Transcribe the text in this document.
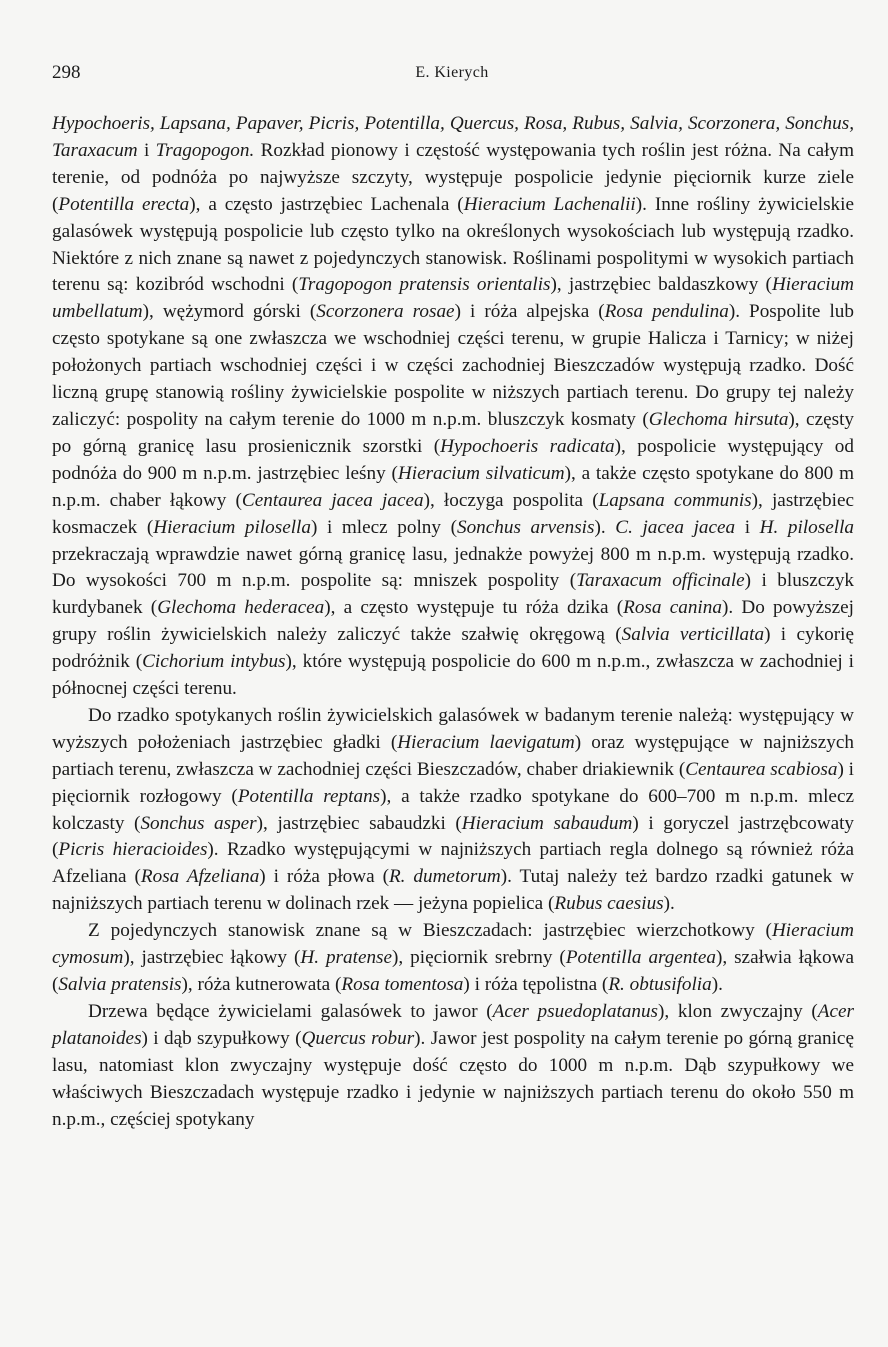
298	E. Kierych

Hypochoeris, Lapsana, Papaver, Picris, Potentilla, Quercus, Rosa, Rubus, Salvia, Scorzonera, Sonchus, Taraxacum i Tragopogon. Rozkład pionowy i częstość występowania tych roślin jest różna. Na całym terenie, od podnóża po najwyższe szczyty, występuje pospolicie jedynie pięciornik kurze ziele (Potentilla erecta), a często jastrzębiec Lachenala (Hieracium Lachenalii). Inne rośliny żywicielskie galasówek występują pospolicie lub często tylko na określonych wysokościach lub występują rzadko. Niektóre z nich znane są nawet z pojedynczych stanowisk. Roślinami pospolitymi w wysokich partiach terenu są: kozibród wschodni (Tragopogon pratensis orientalis), jastrzębiec baldaszkowy (Hieracium umbellatum), wężymord górski (Scorzonera rosae) i róża alpejska (Rosa pendulina). Pospolite lub często spotykane są one zwłaszcza we wschodniej części terenu, w grupie Halicza i Tarnicy; w niżej położonych partiach wschodniej części i w części zachodniej Bieszczadów występują rzadko. Dość liczną grupę stanowią rośliny żywicielskie pospolite w niższych partiach terenu. Do grupy tej należy zaliczyć: pospolity na całym terenie do 1000 m n.p.m. bluszczyk kosmaty (Glechoma hirsuta), częsty po górną granicę lasu prosienicznik szorstki (Hypochoeris radicata), pospolicie występujący od podnóża do 900 m n.p.m. jastrzębiec leśny (Hieracium silvaticum), a także często spotykane do 800 m n.p.m. chaber łąkowy (Centaurea jacea jacea), łoczyga pospolita (Lapsana communis), jastrzębiec kosmaczek (Hieracium pilosella) i mlecz polny (Sonchus arvensis). C. jacea jacea i H. pilosella przekraczają wprawdzie nawet górną granicę lasu, jednakże powyżej 800 m n.p.m. występują rzadko. Do wysokości 700 m n.p.m. pospolite są: mniszek pospolity (Taraxacum officinale) i bluszczyk kurdybanek (Glechoma hederacea), a często występuje tu róża dzika (Rosa canina). Do powyższej grupy roślin żywicielskich należy zaliczyć także szałwię okręgową (Salvia verticillata) i cykorię podróżnik (Cichorium intybus), które występują pospolicie do 600 m n.p.m., zwłaszcza w zachodniej i północnej części terenu.

Do rzadko spotykanych roślin żywicielskich galasówek w badanym terenie należą: występujący w wyższych położeniach jastrzębiec gładki (Hieracium laevigatum) oraz występujące w najniższych partiach terenu, zwłaszcza w zachodniej części Bieszczadów, chaber driakiewnik (Centaurea scabiosa) i pięciornik rozłogowy (Potentilla reptans), a także rzadko spotykane do 600–700 m n.p.m. mlecz kolczasty (Sonchus asper), jastrzębiec sabaudzki (Hieracium sabaudum) i goryczel jastrzębcowaty (Picris hieracioides). Rzadko występującymi w najniższych partiach regla dolnego są również róża Afzeliana (Rosa Afzeliana) i róża płowa (R. dumetorum). Tutaj należy też bardzo rzadki gatunek w najniższych partiach terenu w dolinach rzek — jeżyna popielica (Rubus caesius).

Z pojedynczych stanowisk znane są w Bieszczadach: jastrzębiec wierzchotkowy (Hieracium cymosum), jastrzębiec łąkowy (H. pratense), pięciornik srebrny (Potentilla argentea), szałwia łąkowa (Salvia pratensis), róża kutnerowata (Rosa tomentosa) i róża tępolistna (R. obtusifolia).

Drzewa będące żywicielami galasówek to jawor (Acer psuedoplatanus), klon zwyczajny (Acer platanoides) i dąb szypułkowy (Quercus robur). Jawor jest pospolity na całym terenie po górną granicę lasu, natomiast klon zwyczajny występuje dość często do 1000 m n.p.m. Dąb szypułkowy we właściwych Bieszczadach występuje rzadko i jedynie w najniższych partiach terenu do około 550 m n.p.m., częściej spotykany
